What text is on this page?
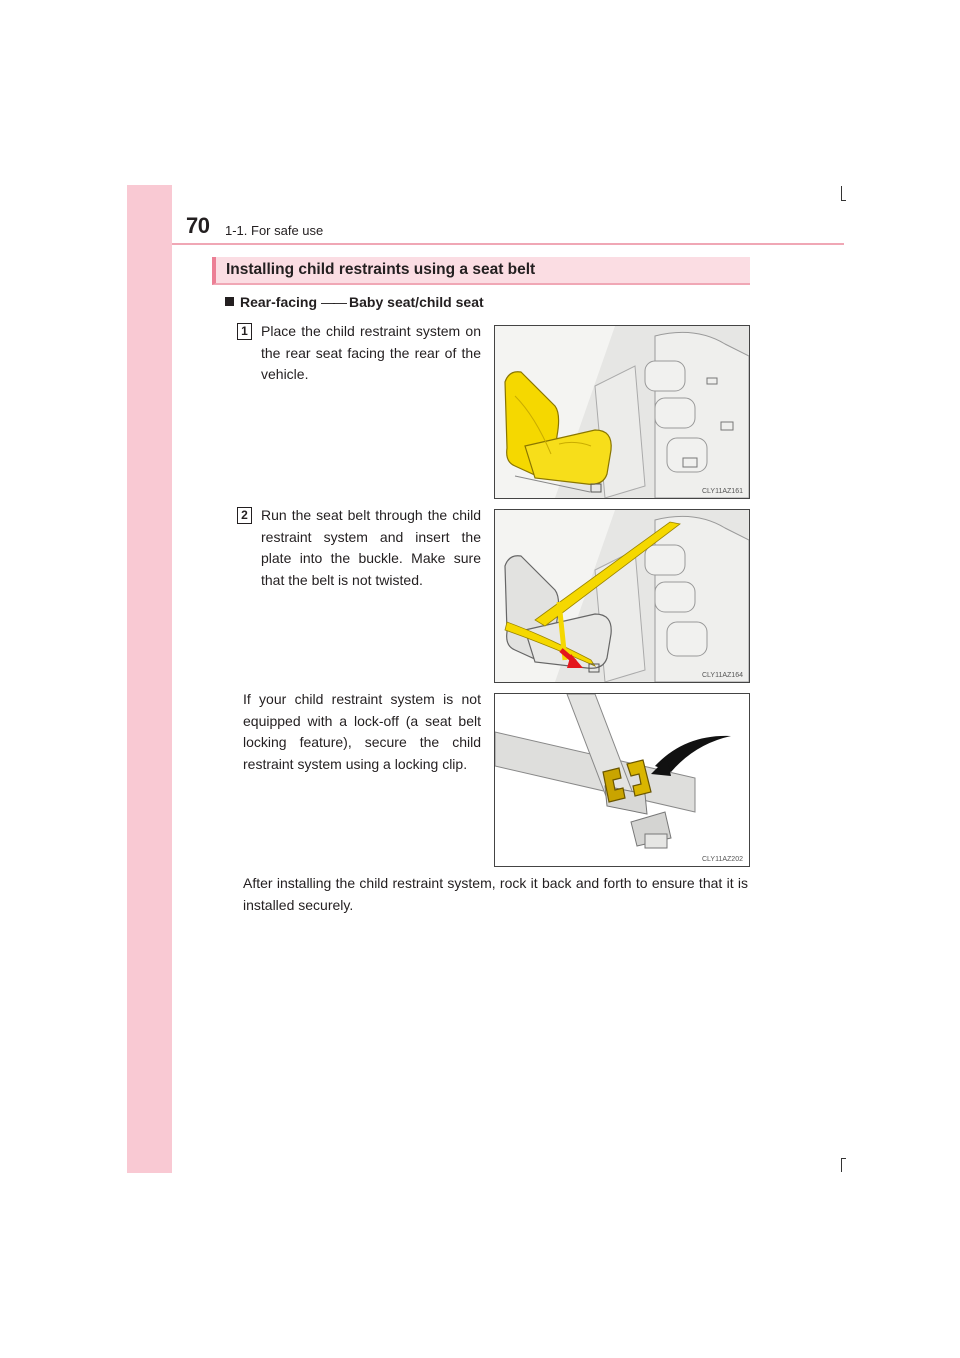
70 1-1. For safe use
Installing child restraints using a seat belt
Rear-facing —— Baby seat/child seat
1 Place the child restraint system on the rear seat facing the rear of the vehicle.
CLY11AZ161
2 Run the seat belt through the child restraint system and insert the plate into the buckle. Make sure that the belt is not twisted.
CLY11AZ164
If your child restraint system is not equipped with a lock-off (a seat belt locking feature), secure the child restraint system using a locking clip.
CLY11AZ202
After installing the child restraint system, rock it back and forth to ensure that it is installed securely.
